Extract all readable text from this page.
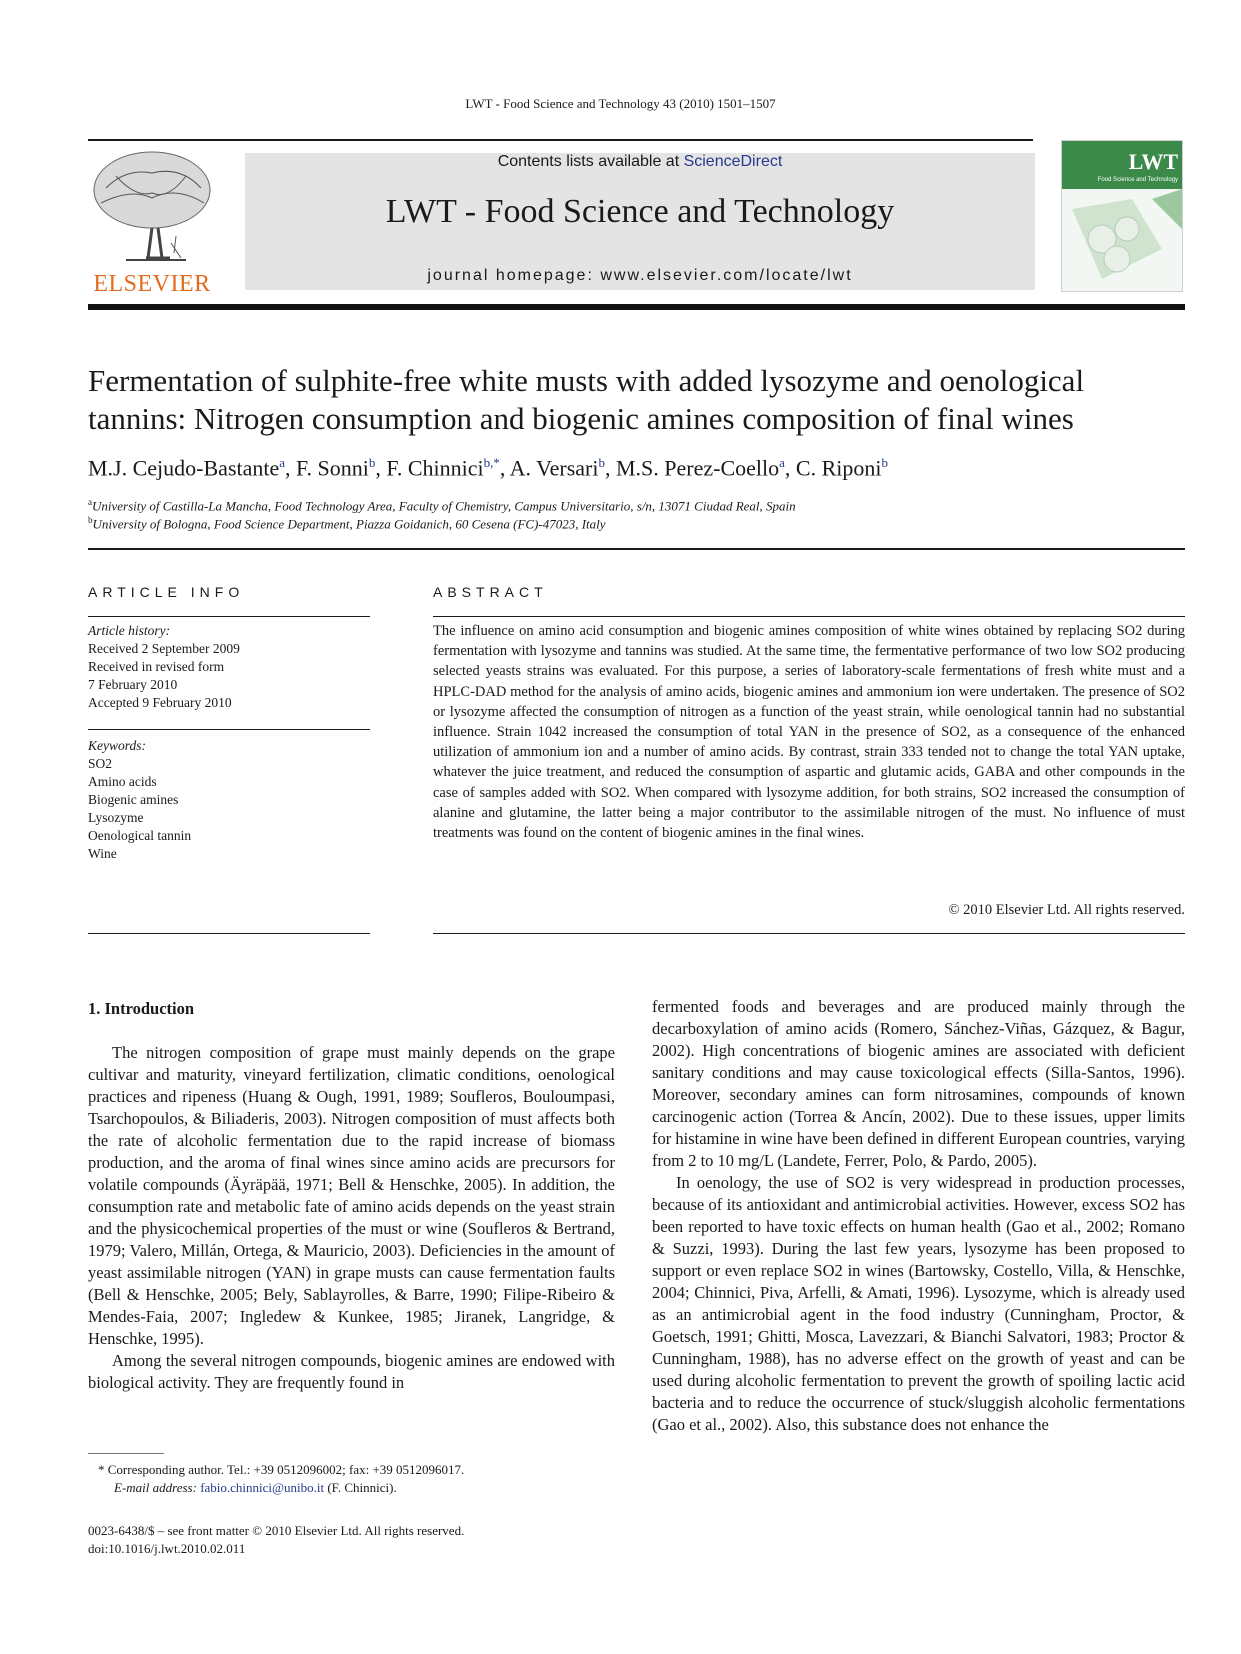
LWT - Food Science and Technology 43 (2010) 1501–1507
ELSEVIER
Contents lists available at ScienceDirect
LWT - Food Science and Technology
journal homepage: www.elsevier.com/locate/lwt
LWT
Food Science and Technology
Fermentation of sulphite-free white musts with added lysozyme and oenological tannins: Nitrogen consumption and biogenic amines composition of final wines
M.J. Cejudo-Bastante$^a$, F. Sonni$^b$, F. Chinnici$^{b,*}$, A. Versari$^b$, M.S. Perez-Coello$^a$, C. Riponi$^b$
$^a$University of Castilla-La Mancha, Food Technology Area, Faculty of Chemistry, Campus Universitario, s/n, 13071 Ciudad Real, Spain
$^b$University of Bologna, Food Science Department, Piazza Goidanich, 60 Cesena (FC)-47023, Italy
ARTICLE INFO
Article history:
Received 2 September 2009
Received in revised form
7 February 2010
Accepted 9 February 2010
Keywords:
SO2
Amino acids
Biogenic amines
Lysozyme
Oenological tannin
Wine
ABSTRACT
The influence on amino acid consumption and biogenic amines composition of white wines obtained by replacing SO2 during fermentation with lysozyme and tannins was studied. At the same time, the fermentative performance of two low SO2 producing selected yeasts strains was evaluated. For this purpose, a series of laboratory-scale fermentations of fresh white must and a HPLC-DAD method for the analysis of amino acids, biogenic amines and ammonium ion were undertaken. The presence of SO2 or lysozyme affected the consumption of nitrogen as a function of the yeast strain, while oenological tannin had no substantial influence. Strain 1042 increased the consumption of total YAN in the presence of SO2, as a consequence of the enhanced utilization of ammonium ion and a number of amino acids. By contrast, strain 333 tended not to change the total YAN uptake, whatever the juice treatment, and reduced the consumption of aspartic and glutamic acids, GABA and other compounds in the case of samples added with SO2. When compared with lysozyme addition, for both strains, SO2 increased the consumption of alanine and glutamine, the latter being a major contributor to the assimilable nitrogen of the must. No influence of must treatments was found on the content of biogenic amines in the final wines.
© 2010 Elsevier Ltd. All rights reserved.
1. Introduction

The nitrogen composition of grape must mainly depends on the grape cultivar and maturity, vineyard fertilization, climatic conditions, oenological practices and ripeness (Huang & Ough, 1991, 1989; Soufleros, Bouloumpasi, Tsarchopoulos, & Biliaderis, 2003). Nitrogen composition of must affects both the rate of alcoholic fermentation due to the rapid increase of biomass production, and the aroma of final wines since amino acids are precursors for volatile compounds (Äyräpää, 1971; Bell & Henschke, 2005). In addition, the consumption rate and metabolic fate of amino acids depends on the yeast strain and the physicochemical properties of the must or wine (Soufleros & Bertrand, 1979; Valero, Millán, Ortega, & Mauricio, 2003). Deficiencies in the amount of yeast assimilable nitrogen (YAN) in grape musts can cause fermentation faults (Bell & Henschke, 2005; Bely, Sablayrolles, & Barre, 1990; Filipe-Ribeiro & Mendes-Faia, 2007; Ingledew & Kunkee, 1985; Jiranek, Langridge, & Henschke, 1995).

Among the several nitrogen compounds, biogenic amines are endowed with biological activity. They are frequently found in

fermented foods and beverages and are produced mainly through the decarboxylation of amino acids (Romero, Sánchez-Viñas, Gázquez, & Bagur, 2002). High concentrations of biogenic amines are associated with deficient sanitary conditions and may cause toxicological effects (Silla-Santos, 1996). Moreover, secondary amines can form nitrosamines, compounds of known carcinogenic action (Torrea & Ancín, 2002). Due to these issues, upper limits for histamine in wine have been defined in different European countries, varying from 2 to 10 mg/L (Landete, Ferrer, Polo, & Pardo, 2005).

In oenology, the use of SO2 is very widespread in production processes, because of its antioxidant and antimicrobial activities. However, excess SO2 has been reported to have toxic effects on human health (Gao et al., 2002; Romano & Suzzi, 1993). During the last few years, lysozyme has been proposed to support or even replace SO2 in wines (Bartowsky, Costello, Villa, & Henschke, 2004; Chinnici, Piva, Arfelli, & Amati, 1996). Lysozyme, which is already used as an antimicrobial agent in the food industry (Cunningham, Proctor, & Goetsch, 1991; Ghitti, Mosca, Lavezzari, & Bianchi Salvatori, 1983; Proctor & Cunningham, 1988), has no adverse effect on the growth of yeast and can be used during alcoholic fermentation to prevent the growth of spoiling lactic acid bacteria and to reduce the occurrence of stuck/sluggish alcoholic fermentations (Gao et al., 2002). Also, this substance does not enhance the

* Corresponding author. Tel.: +39 0512096002; fax: +39 0512096017.
E-mail address: fabio.chinnici@unibo.it (F. Chinnici).
0023-6438/$ – see front matter © 2010 Elsevier Ltd. All rights reserved.
doi:10.1016/j.lwt.2010.02.011
